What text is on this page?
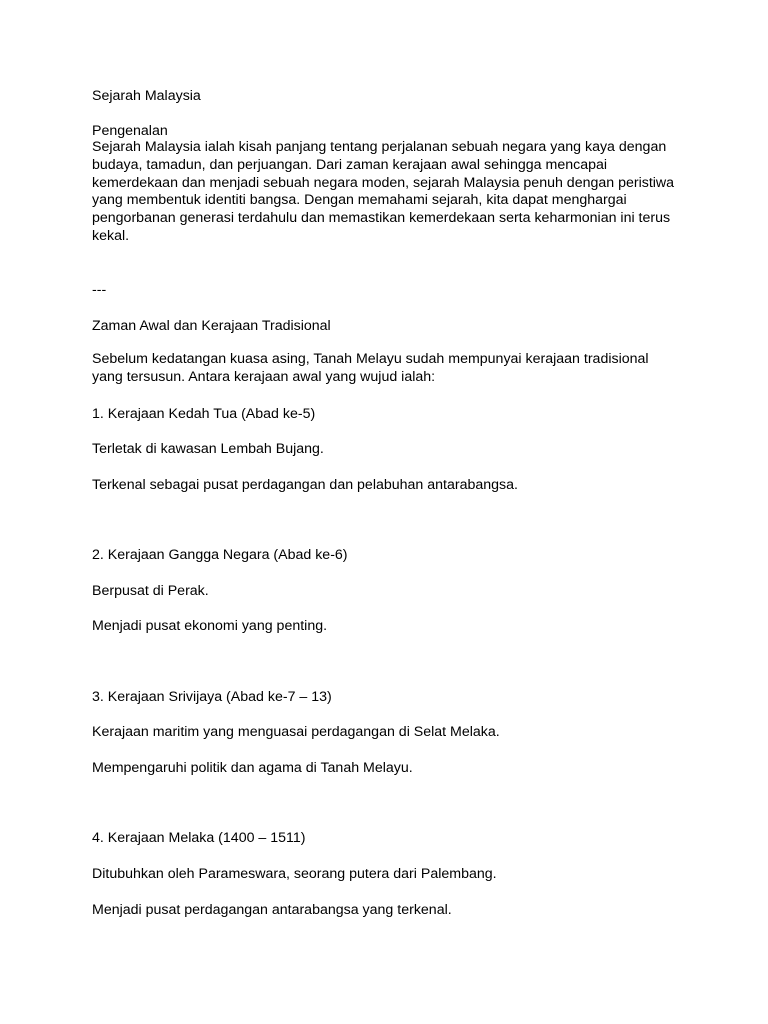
Sejarah Malaysia

Pengenalan

Sejarah Malaysia ialah kisah panjang tentang perjalanan sebuah negara yang kaya dengan
budaya, tamadun, dan perjuangan. Dari zaman kerajaan awal sehingga mencapai
kemerdekaan dan menjadi sebuah negara moden, sejarah Malaysia penuh dengan peristiwa
yang membentuk identiti bangsa. Dengan memahami sejarah, kita dapat menghargai
pengorbanan generasi terdahulu dan memastikan kemerdekaan serta keharmonian ini terus
kekal.

---

Zaman Awal dan Kerajaan Tradisional

Sebelum kedatangan kuasa asing, Tanah Melayu sudah mempunyai kerajaan tradisional
yang tersusun. Antara kerajaan awal yang wujud ialah:

1. Kerajaan Kedah Tua (Abad ke-5)

Terletak di kawasan Lembah Bujang.

Terkenal sebagai pusat perdagangan dan pelabuhan antarabangsa.

2. Kerajaan Gangga Negara (Abad ke-6)

Berpusat di Perak.

Menjadi pusat ekonomi yang penting.

3. Kerajaan Srivijaya (Abad ke-7 – 13)

Kerajaan maritim yang menguasai perdagangan di Selat Melaka.

Mempengaruhi politik dan agama di Tanah Melayu.

4. Kerajaan Melaka (1400 – 1511)

Ditubuhkan oleh Parameswara, seorang putera dari Palembang.

Menjadi pusat perdagangan antarabangsa yang terkenal.
